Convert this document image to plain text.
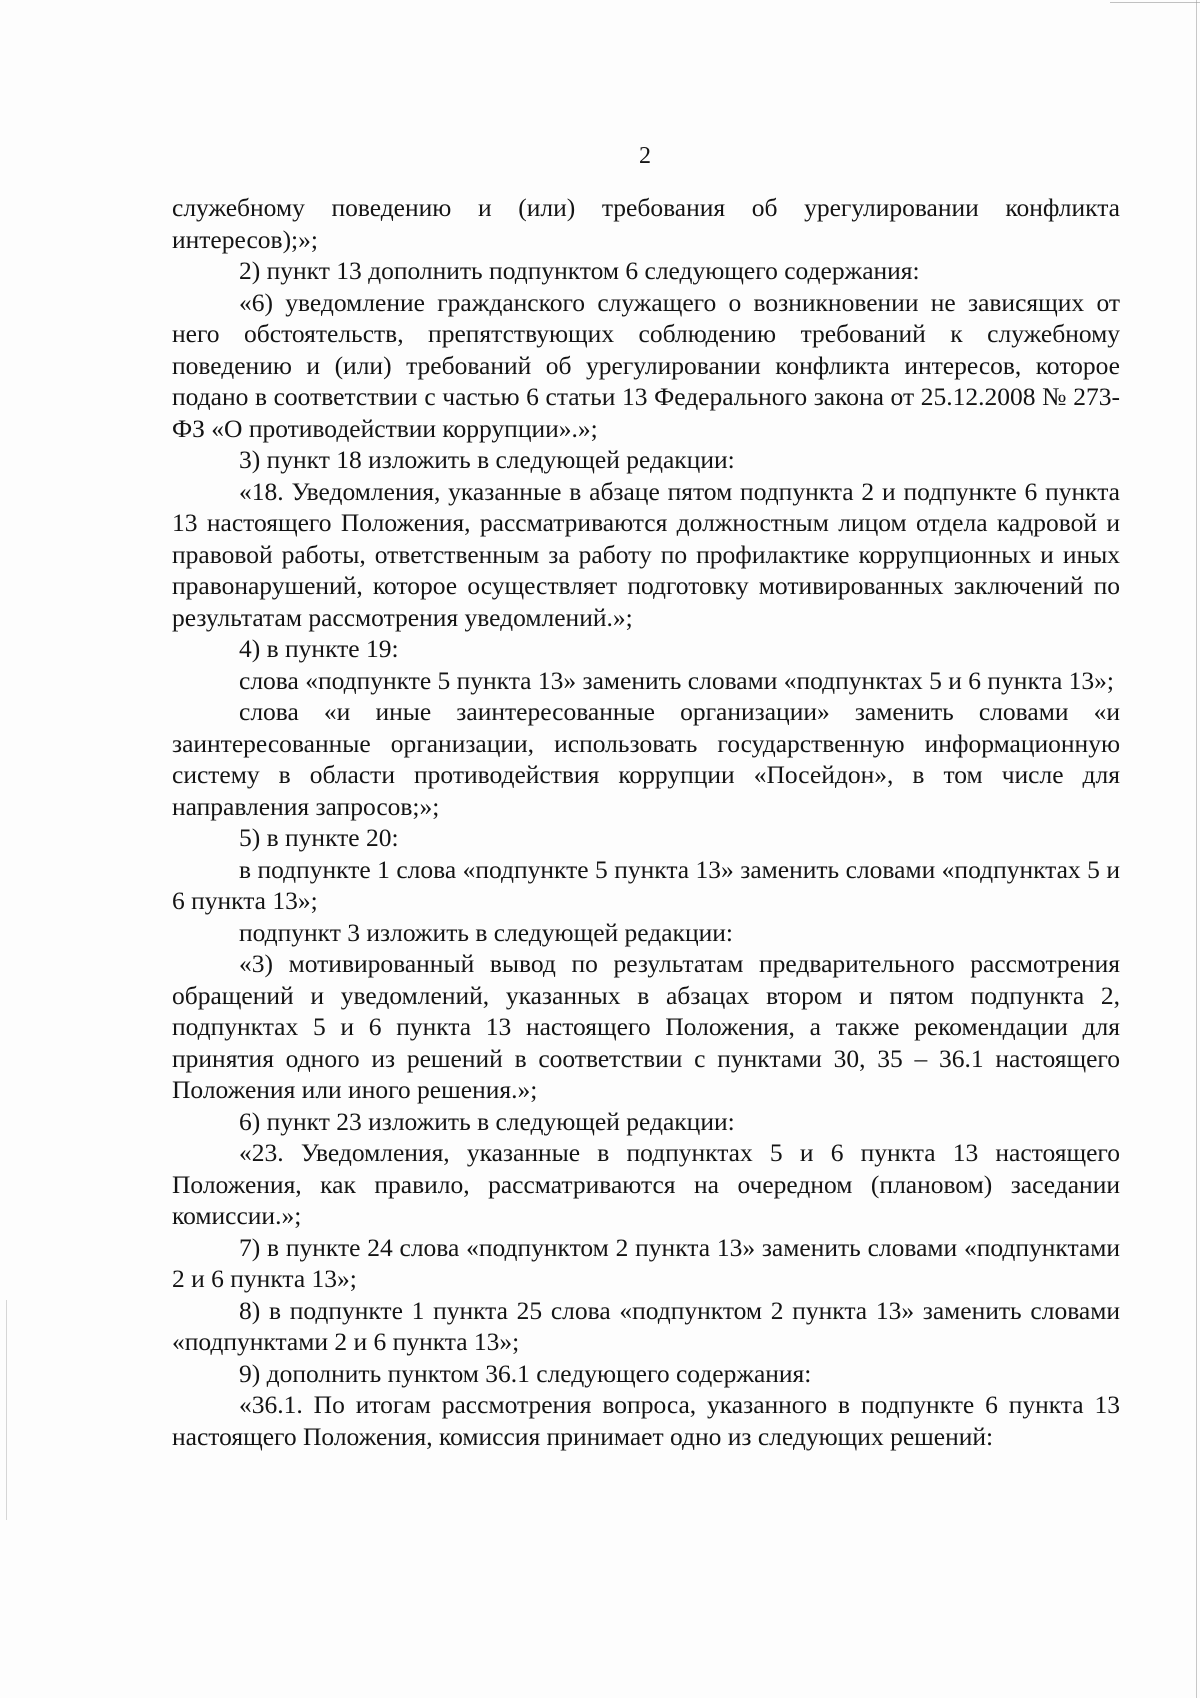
2

служебному поведению и (или) требования об урегулировании конфликта интересов);»;

2) пункт 13 дополнить подпунктом 6 следующего содержания:

«6) уведомление гражданского служащего о возникновении не зависящих от него обстоятельств, препятствующих соблюдению требований к служебному поведению и (или) требований об урегулировании конфликта интересов, которое подано в соответствии с частью 6 статьи 13 Федерального закона от 25.12.2008 № 273-ФЗ «О противодействии коррупции».»;

3) пункт 18 изложить в следующей редакции:

«18. Уведомления, указанные в абзаце пятом подпункта 2 и подпункте 6 пункта 13 настоящего Положения, рассматриваются должностным лицом отдела кадровой и правовой работы, ответственным за работу по профилактике коррупционных и иных правонарушений, которое осуществляет подготовку мотивированных заключений по результатам рассмотрения уведомлений.»;

4) в пункте 19:

слова «подпункте 5 пункта 13» заменить словами «подпунктах 5 и 6 пункта 13»;

слова «и иные заинтересованные организации» заменить словами «и заинтересованные организации, использовать государственную информационную систему в области противодействия коррупции «Посейдон», в том числе для направления запросов;»;

5) в пункте 20:

в подпункте 1 слова «подпункте 5 пункта 13» заменить словами «подпунктах 5 и 6 пункта 13»;

подпункт 3 изложить в следующей редакции:

«3) мотивированный вывод по результатам предварительного рассмотрения обращений и уведомлений, указанных в абзацах втором и пятом подпункта 2, подпунктах 5 и 6 пункта 13 настоящего Положения, а также рекомендации для принятия одного из решений в соответствии с пунктами 30, 35 – 36.1 настоящего Положения или иного решения.»;

6) пункт 23 изложить в следующей редакции:

«23. Уведомления, указанные в подпунктах 5 и 6 пункта 13 настоящего Положения, как правило, рассматриваются на очередном (плановом) заседании комиссии.»;

7) в пункте 24 слова «подпунктом 2 пункта 13» заменить словами «подпунктами 2 и 6 пункта 13»;

8) в подпункте 1 пункта 25 слова «подпунктом 2 пункта 13» заменить словами «подпунктами 2 и 6 пункта 13»;

9) дополнить пунктом 36.1 следующего содержания:

«36.1. По итогам рассмотрения вопроса, указанного в подпункте 6 пункта 13 настоящего Положения, комиссия принимает одно из следующих решений:
